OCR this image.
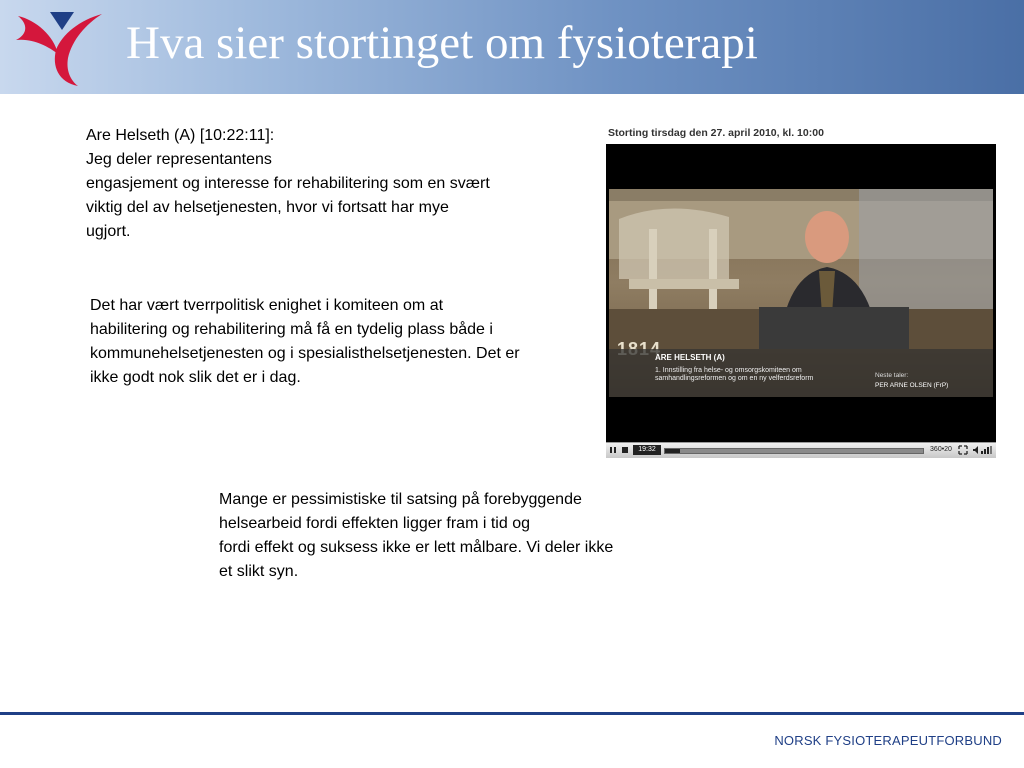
Hva sier stortinget om fysioterapi
Are Helseth (A) [10:22:11]:
Jeg deler representantens
engasjement og interesse for rehabilitering som en svært
viktig del av helsetjenesten, hvor vi fortsatt har mye
ugjort.
Det har vært tverrpolitisk enighet i komiteen om at
habilitering og rehabilitering må få en tydelig plass både i
kommunehelsetjenesten og i spesialisthelsetjenesten. Det er
ikke godt nok slik det er i dag.
Storting tirsdag den 27. april 2010, kl. 10:00
ARE HELSETH (A)
1. Innstilling fra helse- og omsorgskomiteen om samhandlingsreformen og om en ny velferdsreform	Neste taler:
PER ARNE OLSEN (FrP)
19:32	360•20
Mange er pessimistiske til satsing på forebyggende
helsearbeid fordi effekten ligger fram i tid og
fordi effekt og suksess ikke er lett målbare. Vi deler ikke
et slikt syn.
NORSK FYSIOTERAPEUTFORBUND
